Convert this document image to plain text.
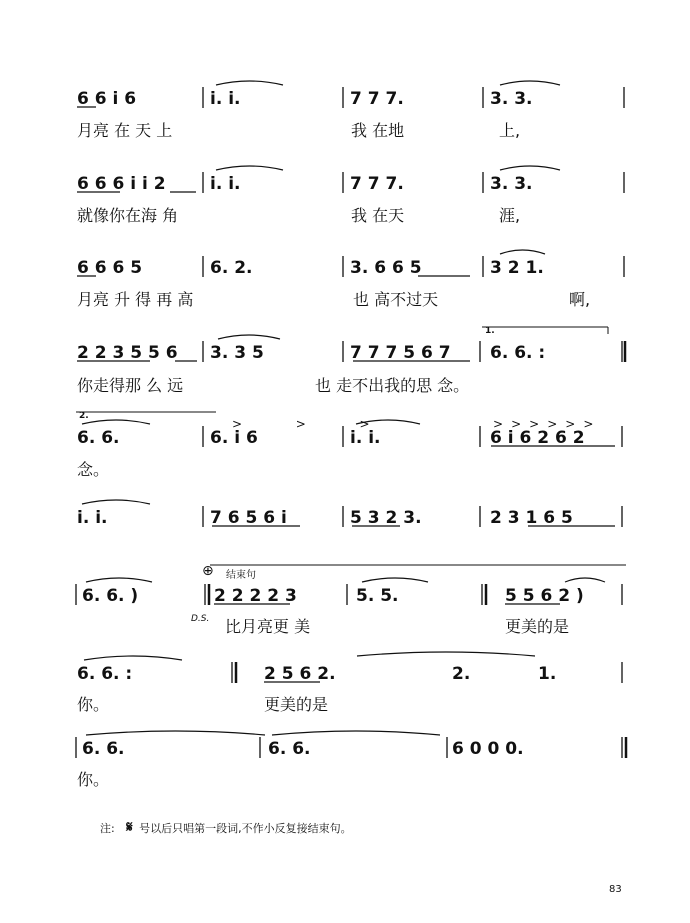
6 6 i 6	i. i.	7 7 7.	3. 3.
月亮 在 天 上	我 在地	上,
6 6 6 i i 2	i. i.	7 7 7.	3. 3.
就像你在海 角	我 在天	涯,
6 6 6 5	6. 2.	3. 6 6 5	3 2 1.
月亮 升 得 再 高	也 高不过天	啊,
2 2 3 5 5 6 3. 3 5	7 7 7 5 6 7 6. 6. :
你走得那 么 远	也 走不出我的思 念。
6. 6.	6. i 6	i. i.	6 i 6 2 6 2
念。
i. i.	7 6 5 6 i	5 3 2 3.	2 3 1 6 5
6. 6. )	2 2 2 2 3	5. 5.	5 5 6 2 )
比月亮更 美	更美的是
6. 6. :	2 5 6 2.	2.	1.
你。	更美的是
6. 6.	6. 6.	6 0 0 0.
你。
结束句
⊕
D.S.
1.
2.
>	>	>	>>>>>>
注: 𝄋 号以后只唱第一段词,不作小反复接结束句。
83
